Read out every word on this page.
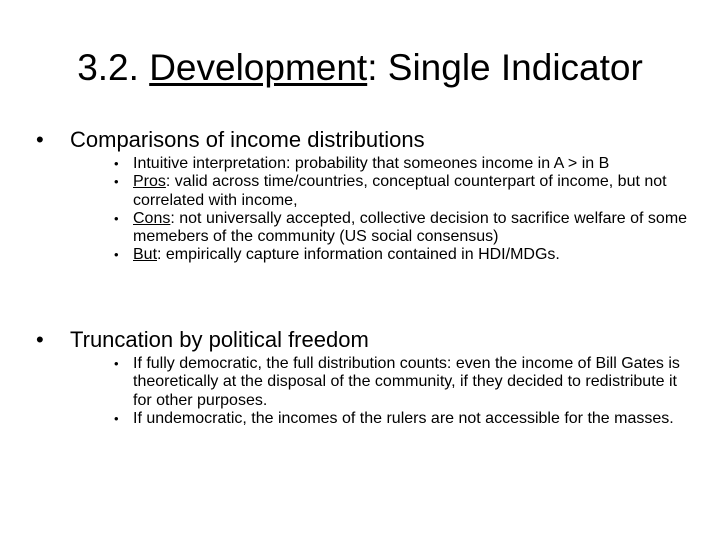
3.2. Development: Single Indicator
• Comparisons of income distributions
• Intuitive interpretation: probability that someones income in A > in B
• Pros: valid across time/countries, conceptual counterpart of income, but not correlated with income,
• Cons: not universally accepted, collective decision to sacrifice welfare of some memebers of the community (US social consensus)
• But: empirically capture information contained in HDI/MDGs.
• Truncation by political freedom
• If fully democratic, the full distribution counts: even the income of Bill Gates is theoretically at the disposal of the community, if they decided to redistribute it for other purposes.
• If undemocratic, the incomes of the rulers are not accessible for the masses.
